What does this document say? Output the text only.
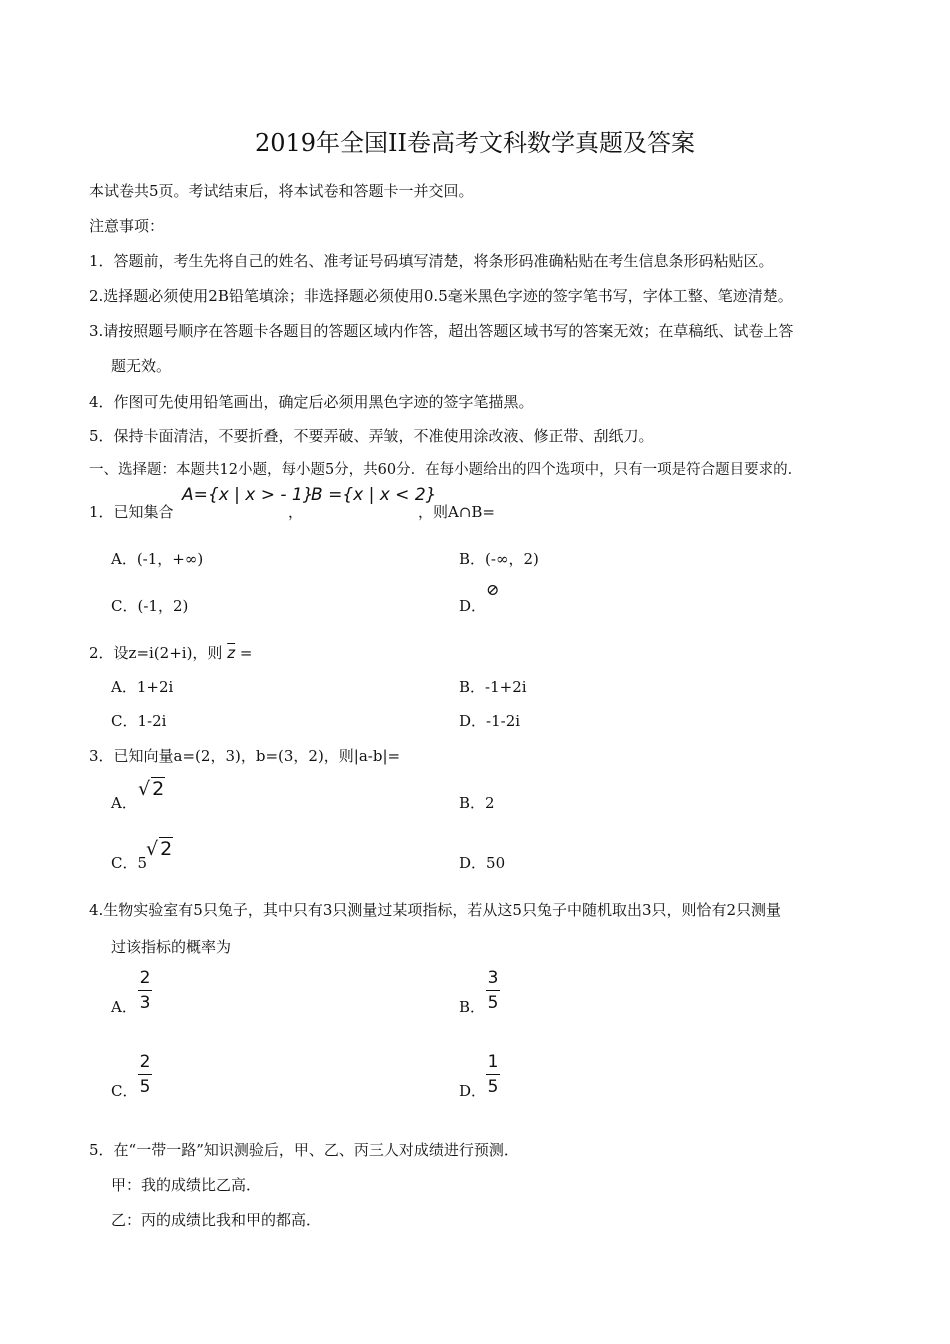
2019年全国II卷高考文科数学真题及答案
本试卷共5页。考试结束后，将本试卷和答题卡一并交回。
注意事项：
1．答题前，考生先将自己的姓名、准考证号码填写清楚，将条形码准确粘贴在考生信息条形码粘贴区。
2.选择题必须使用2B铅笔填涂；非选择题必须使用0.5毫米黑色字迹的签字笔书写，字体工整、笔迹清楚。
3.请按照题号顺序在答题卡各题目的答题区域内作答，超出答题区域书写的答案无效；在草稿纸、试卷上答
题无效。
4．作图可先使用铅笔画出，确定后必须用黑色字迹的签字笔描黑。
5．保持卡面清洁，不要折叠，不要弄破、弄皱，不准使用涂改液、修正带、刮纸刀。
一、选择题：本题共12小题，每小题5分，共60分．在每小题给出的四个选项中，只有一项是符合题目要求的．
1．已知集合
A={x | x > - 1}
，
B ={x | x < 2}
，则A∩B=
A．(-1，+∞)	B．(-∞，2)
C．(-1，2)	D．
⊘
2．设z=i(2+i)，则 $\overline{z}$ =
A．1+2i	B．-1+2i
C．1-2i	D．-1-2i
3．已知向量a=(2，3)，b=(3，2)，则|a-b|=
A．
√ 2
B．2
C．5
√ 2
D．50
4.生物实验室有5只兔子，其中只有3只测量过某项指标，若从这5只兔子中随机取出3只，则恰有2只测量
过该指标的概率为
A．
2
3	B．
3
5
C．
2
5	D．
1
5
5．在“一带一路”知识测验后，甲、乙、丙三人对成绩进行预测．
甲：我的成绩比乙高．
乙：丙的成绩比我和甲的都高．
